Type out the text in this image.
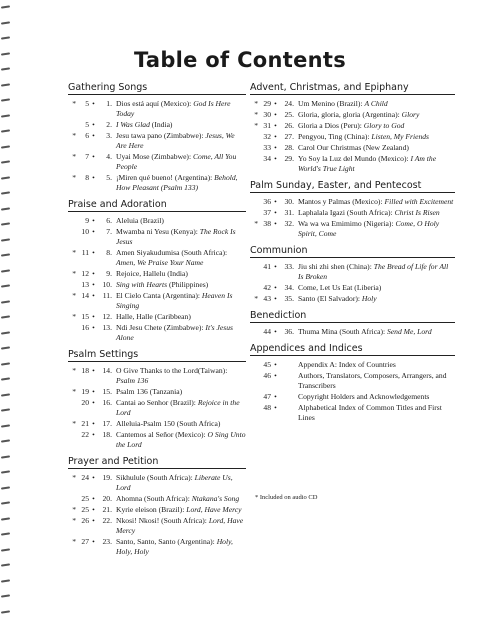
Table of Contents
Gathering Songs
*	5 •	1. Dios está aquí (Mexico): God Is Here Today
5 •	2. I Was Glad (India)
*	6 •	3. Jesu tawa pano (Zimbabwe): Jesus, We Are Here
*	7 •	4. Uyai Mose (Zimbabwe): Come, All You People
*	8 •	5. ¡Miren qué bueno! (Argentina): Behold, How Pleasant (Psalm 133)
Praise and Adoration
9 •	6. Aleluia (Brazil)
10 •	7. Mwamba ni Yesu (Kenya): The Rock Is Jesus
* 11 •	8. Amen Siyakudumisa (South Africa): Amen, We Praise Your Name
* 12 •	9. Rejoice, Hallelu (India)
13 •	10. Sing with Hearts (Philippines)
* 14 •	11. El Cielo Canta (Argentina): Heaven Is Singing
* 15 •	12. Halle, Halle (Caribbean)
16 •	13. Ndi Jesu Chete (Zimbabwe): It's Jesus Alone
Psalm Settings
* 18 •	14. O Give Thanks to the Lord(Taiwan): Psalm 136
* 19 •	15. Psalm 136 (Tanzania)
20 •	16. Cantai ao Senhor (Brazil): Rejoice in the Lord
* 21 •	17. Alleluia-Psalm 150 (South Africa)
22 •	18. Cantemos al Señor (Mexico): O Sing Unto the Lord
Prayer and Petition
* 24 •	19. Sikhulule (South Africa): Liberate Us, Lord
25 •	20. Ahomna (South Africa): Ntakana's Song
* 25 •	21. Kyrie eleison (Brazil): Lord, Have Mercy
* 26 •	22. Nkosi! Nkosi! (South Africa): Lord, Have Mercy
* 27 •	23. Santo, Santo, Santo (Argentina): Holy, Holy, Holy
Advent, Christmas, and Epiphany
* 29 •	24. Um Menino (Brazil): A Child
* 30 •	25. Gloria, gloria, gloria (Argentina): Glory
* 31 •	26. Gloria a Dios (Peru): Glory to God
32 •	27. Pengyou, Ting (China): Listen, My Friends
33 •	28. Carol Our Christmas (New Zealand)
34 •	29. Yo Soy la Luz del Mundo (Mexico): I Am the World's True Light
Palm Sunday, Easter, and Pentecost
36 •	30. Mantos y Palmas (Mexico): Filled with Excitement
37 •	31. Laphalala Igazi (South Africa): Christ Is Risen
* 38 •	32. Wa wa wa Emimimo (Nigeria): Come, O Holy Spirit, Come
Communion
41 •	33. Jiu shi zhi shen (China): The Bread of Life for All Is Broken
42 •	34. Come, Let Us Eat (Liberia)
* 43 •	35. Santo (El Salvador): Holy
Benediction
44 •	36. Thuma Mina (South Africa): Send Me, Lord
Appendices and Indices
45 •	Appendix A: Index of Countries
46 •	Authors, Translators, Composers, Arrangers, and Transcribers
47 •	Copyright Holders and Acknowledgements
48 •	Alphabetical Index of Common Titles and First Lines
* Included on audio CD
